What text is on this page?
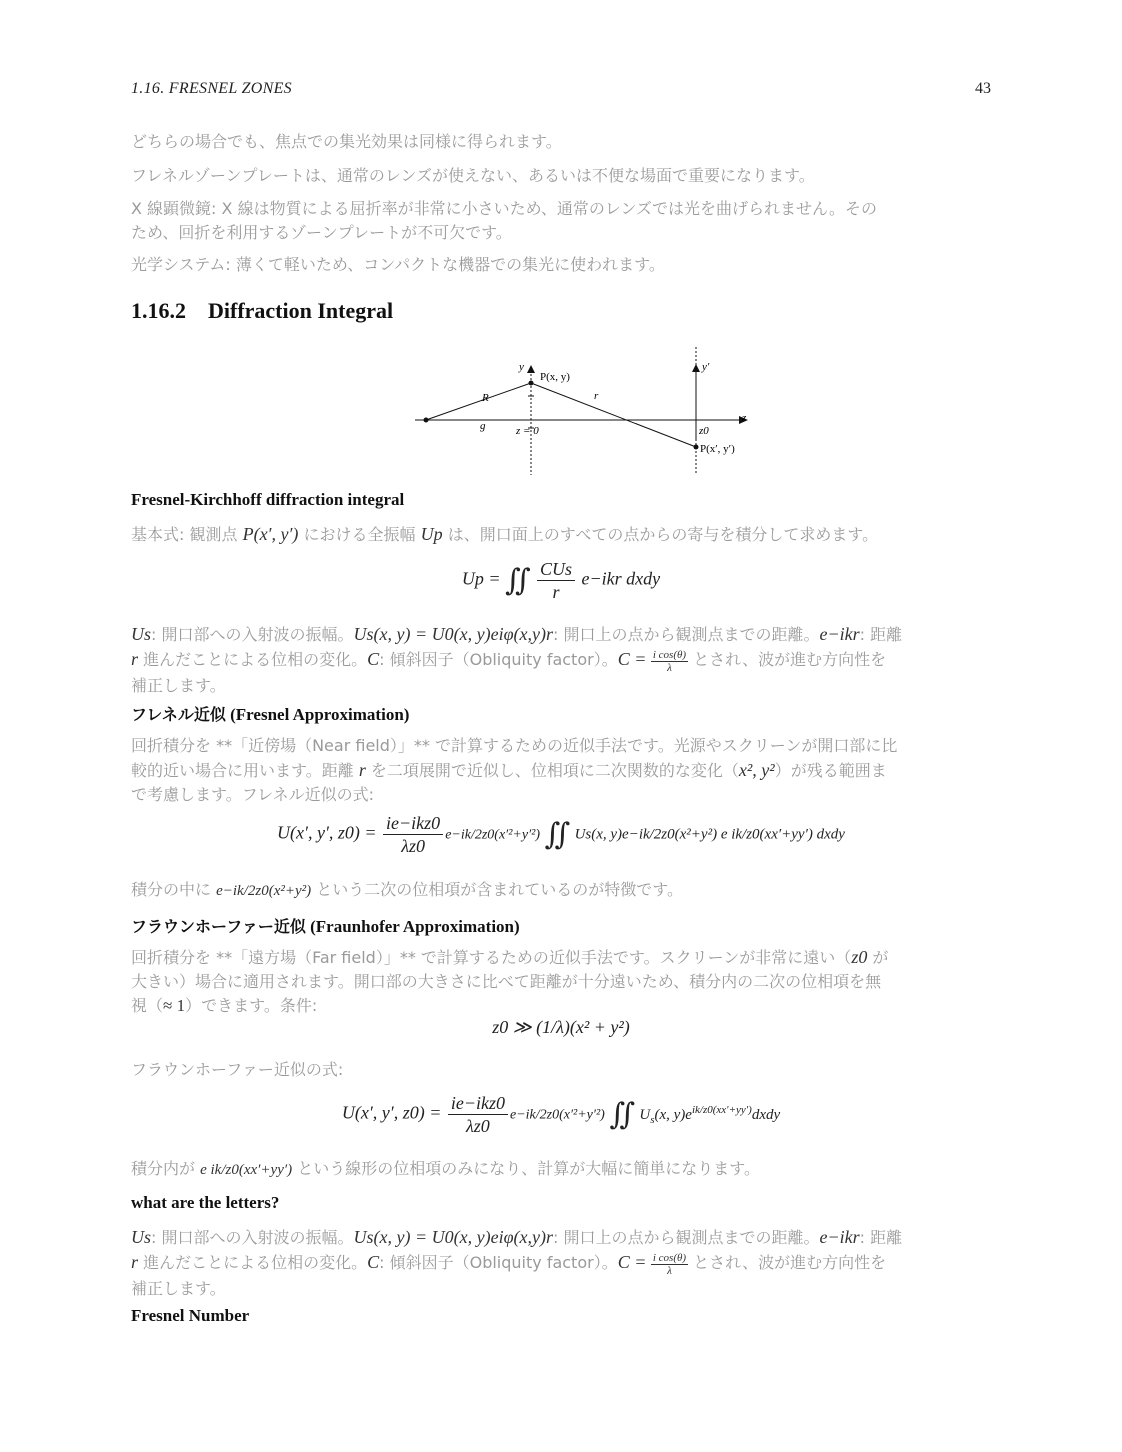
1.16. FRESNEL ZONES	43

どちらの場合でも、焦点での集光効果は同様に得られます。

フレネルゾーンプレートは、通常のレンズが使えない、あるいは不便な場面で重要になります。

X 線顕微鏡: X 線は物質による屈折率が非常に小さいため、通常のレンズでは光を曲げられません。その

ため、回折を利用するゾーンプレートが不可欠です。

光学システム: 薄くて軽いため、コンパクトな機器での集光に使われます。

1.16.2 Diffraction Integral
y
P(x, y)
y′
R	r
z
g	z = 0	z0
P(x′, y′)
Fresnel-Kirchhoff diffraction integral

基本式: 観測点 P(x′, y′) における全振幅 Up は、開口面上のすべての点からの寄与を積分して求めます。

Up = ∬ $\frac{\text{CUs}}{r} e-ikr$ dxdy

Us: 開口部への入射波の振幅。Us(x, y) = U0(x, y)eiφ(x,y)r: 開口上の点から観測点までの距離。e−ikr: 距離

r 進んだことによる位相の変化。C: 傾斜因子（Obliquity factor）。$C = \frac{\text{i cos(θ)}}{\lambda}$ とされ、波が進む方向性を

補正します。

フレネル近似 (Fresnel Approximation)

回折積分を **「近傍場（Near field）」** で計算するための近似手法です。光源やスクリーンが開口部に比

較的近い場合に用います。距離 r を二項展開で近似し、位相項に二次関数的な変化（x², y²）が残る範囲ま

で考慮します。フレネル近似の式:

U(x′, y′, $z0) = \frac{\text{ie−ikz0}}{\lambda z0} e-ik/2z0(x'^2+y'^2)$ ∬ Us(x, y)e−ik/2z0(x²+y²) e ik/z0(xx′+yy′) dxdy

積分の中に e−ik/2z0(x²+y²) という二次の位相項が含まれているのが特徴です。

フラウンホーファー近似 (Fraunhofer Approximation)

回折積分を **「遠方場（Far field）」** で計算するための近似手法です。スクリーンが非常に遠い（z0 が

大きい）場合に適用されます。開口部の大きさに比べて距離が十分遠いため、積分内の二次の位相項を無

視（≈ 1）できます。条件:

z0 ≫ (1/λ)(x² + y²)

フラウンホーファー近似の式:

U(x′, y′, $z0) = \frac{\text{ie−ikz0}}{\lambda z0} e-ik/2z0(x'^2+y'^2)$ ∬ $U_s(x$, $y)e^{ik/z0(xx'+yy')}dxdy$

積分内が e ik/z0(xx′+yy′) という線形の位相項のみになり、計算が大幅に簡単になります。

what are the letters?

Us: 開口部への入射波の振幅。Us(x, y) = U0(x, y)eiφ(x,y)r: 開口上の点から観測点までの距離。e−ikr: 距離

r 進んだことによる位相の変化。C: 傾斜因子（Obliquity factor）。$C = \frac{\text{i cos(θ)}}{\lambda}$ とされ、波が進む方向性を

補正します。

Fresnel Number
